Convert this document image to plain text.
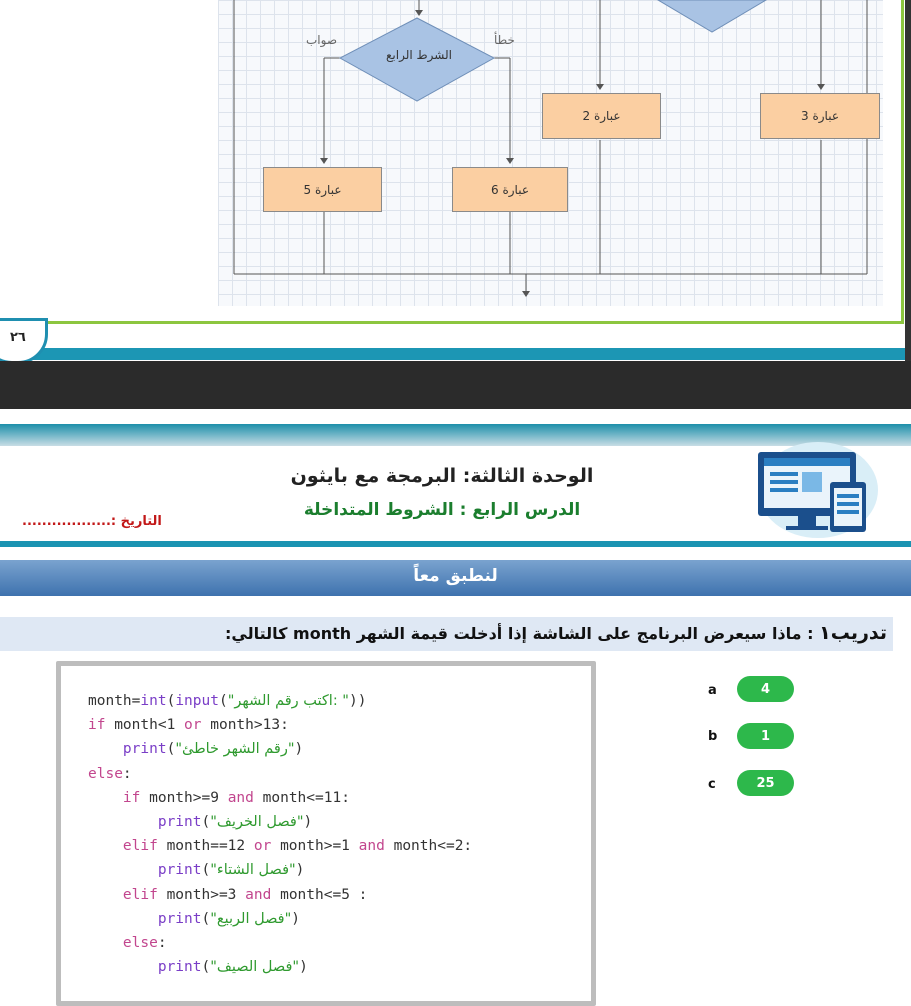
الشرط الرابع
صواب	خطأ
عبارة 2	عبارة 3
عبارة 5	عبارة 6
٢٦
الوحدة الثالثة: البرمجة مع بايثون
الدرس الرابع : الشروط المتداخلة
التاريخ :..................
لنطبق معاً
تدريب١ : ماذا سيعرض البرنامج على الشاشة إذا أدخلت قيمة الشهر month كالتالي:
month=int(input("اكتب رقم الشهر: "))
if month<1 or month>13:
print("رقم الشهر خاطئ")
else:
if month>=9 and month<=11:
print("فصل الخريف")
elif month==12 or month>=1 and month<=2:
print("فصل الشتاء")
elif month>=3 and month<=5 :
print("فصل الربيع")
else:
print("فصل الصيف")
a	4
b	1
c	25
